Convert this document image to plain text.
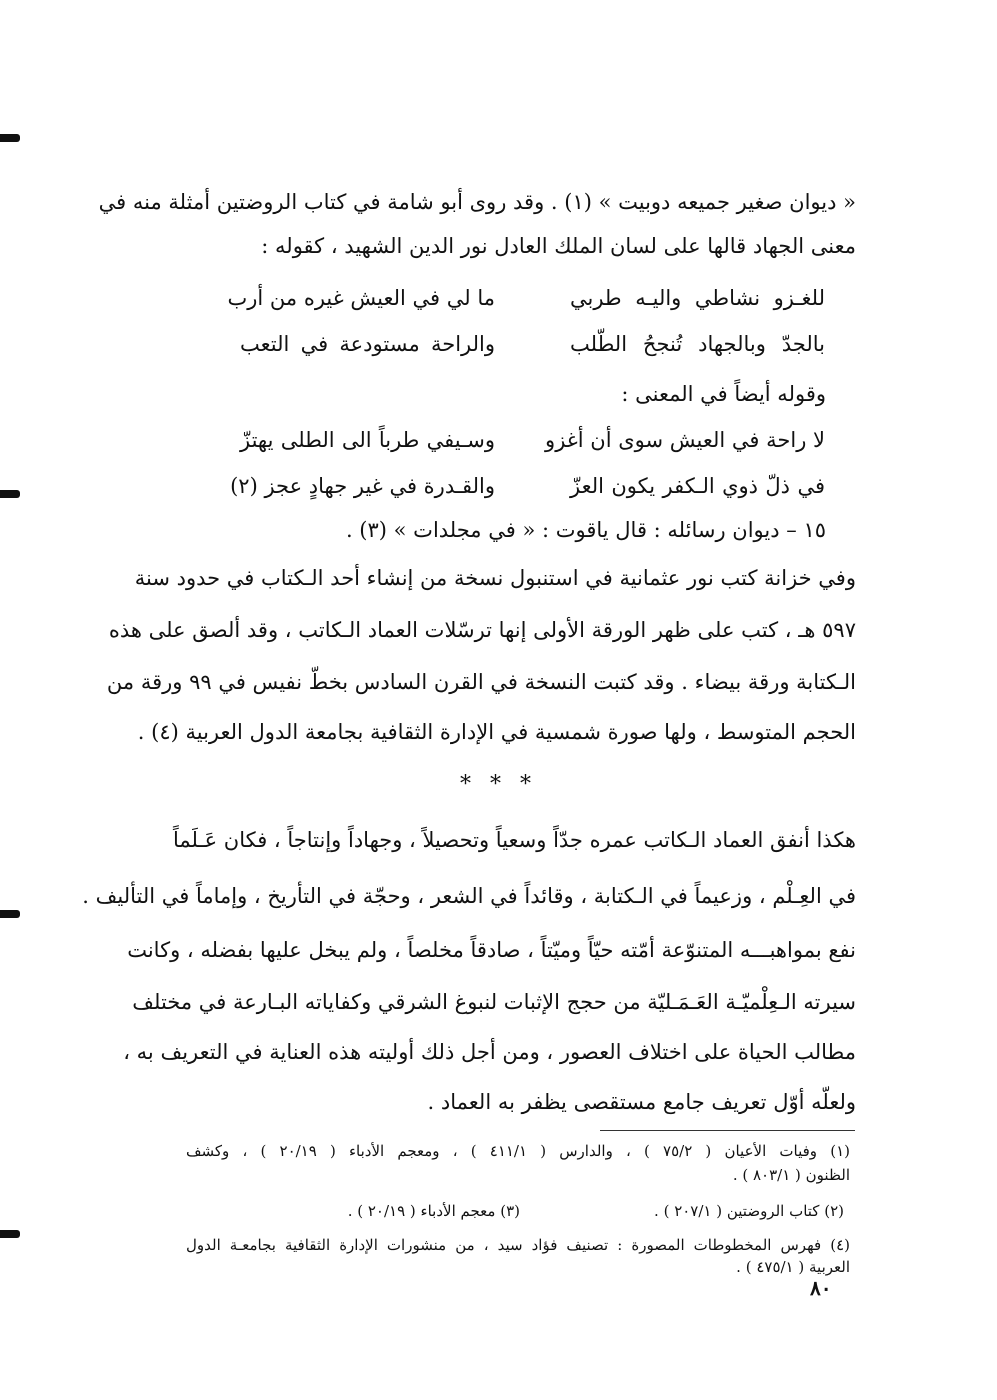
« ديوان صغير جميعه دوبيت » (١) . وقد روى أبو شامة في كتاب الروضتين أمثلة منه في
معنى الجهاد قالها على لسان الملك العادل نور الدين الشهيد ، كقوله :
للغـزو نشاطي واليـه طربي
ما لي في العيش غيره من أرب
بالجدّ وبالجهاد تُنجحُ الطّلب
والراحة مستودعة في التعب
وقوله أيضاً في المعنى :
لا راحة في العيش سوى أن أغزو
وسـيفي طرباً الى الطلى يهتزّ
في ذلّ ذوي الـكفر يكون العزّ
والقـدرة في غير جهادٍ عجز (٢)
١٥ – ديوان رسائله : قال ياقوت : « في مجلدات » (٣) .
وفي خزانة كتب نور عثمانية في استنبول نسخة من إنشاء أحد الـكتاب في حدود سنة
٥٩٧ هـ ، كتب على ظهر الورقة الأولى إنها ترسّلات العماد الـكاتب ، وقد ألصق على هذه
الـكتابة ورقة بيضاء . وقد كتبت النسخة في القرن السادس بخطّ نفيس في ٩٩ ورقة من
الحجم المتوسط ، ولها صورة شمسية في الإدارة الثقافية بجامعة الدول العربية (٤) .
* * *
هكذا أنفق العماد الـكاتب عمره جدّاً وسعياً وتحصيلاً ، وجهاداً وإنتاجاً ، فكان عَـلَماً
في العِـلْم ، وزعيماً في الـكتابة ، وقائداً في الشعر ، وحجّة في التأريخ ، وإماماً في التأليف .
نفع بمواهبـــه المتنوّعة أمّته حيّاً وميّتاً ، صادقاً مخلصاً ، ولم يبخل عليها بفضله ، وكانت
سيرته الـعِلْميّـة العَـمَـليّة من حجج الإثبات لنبوغ الشرقي وكفاياته البـارعة في مختلف
مطالب الحياة على اختلاف العصور ، ومن أجل ذلك أوليته هذه العناية في التعريف به ،
ولعلّه أوّل تعريف جامع مستقصى يظفر به العماد .
(١) وفيات الأعيان ( ٧٥/٢ ) ، والدارس ( ٤١١/١ ) ، ومعجم الأدباء ( ٢٠/١٩ ) ، وكشف
الظنون ( ٨٠٣/١ ) .
(٢) كتاب الروضتين ( ٢٠٧/١ ) .
(٣) معجم الأدباء ( ٢٠/١٩ ) .
(٤) فهرس المخطوطات المصورة : تصنيف فؤاد سيد ، من منشورات الإدارة الثقافية بجامعـة الدول
العربية ( ٤٧٥/١ ) .
٨٠
